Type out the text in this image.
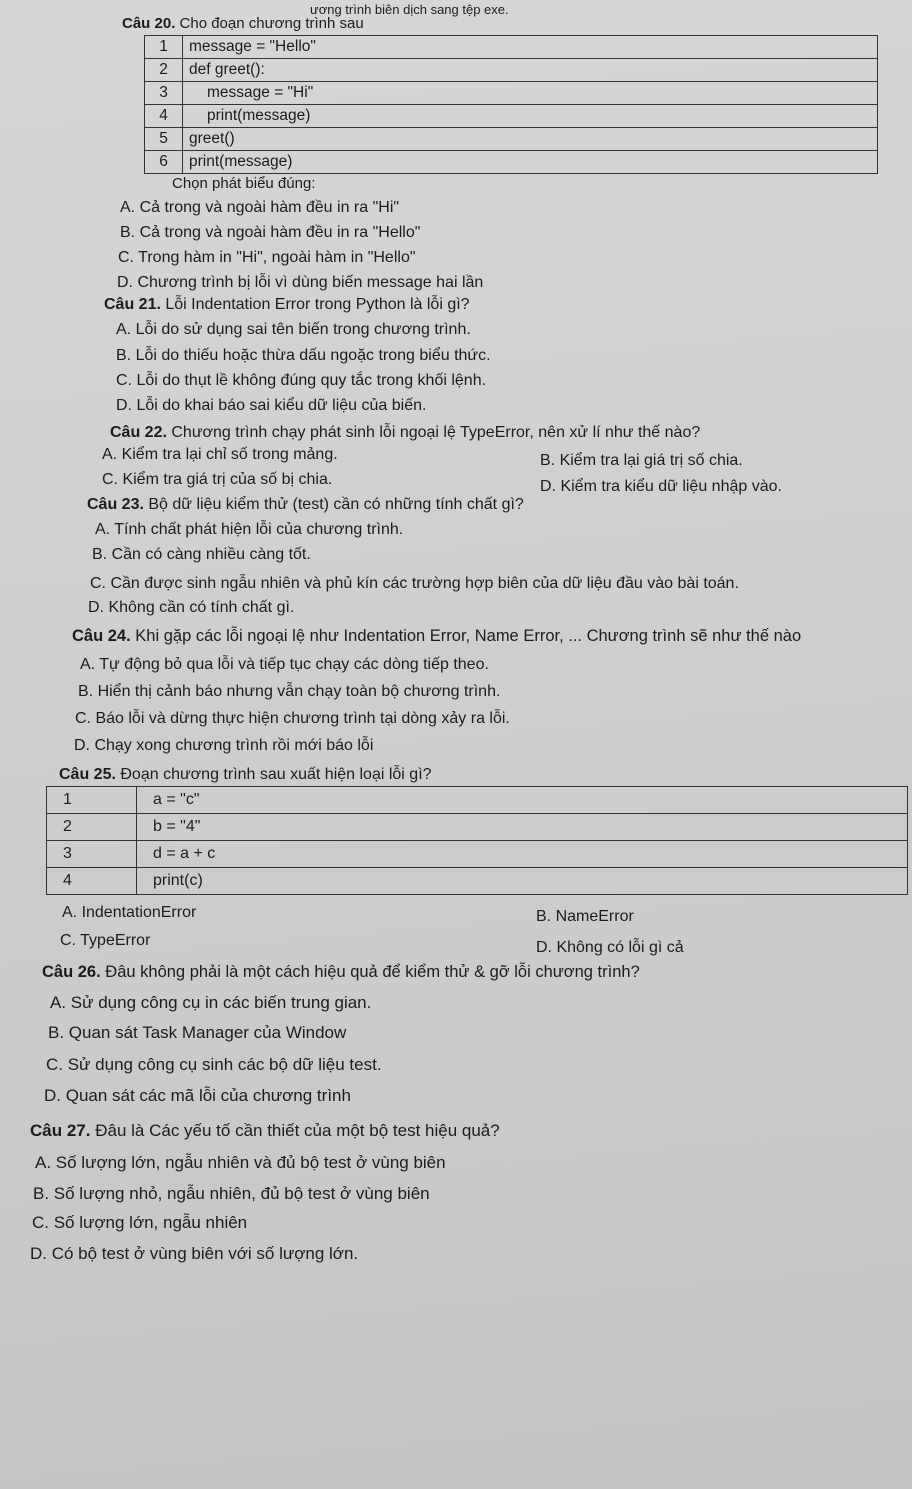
ương trình biên dịch sang tệp exe.
Câu 20. Cho đoạn chương trình sau
1	message = "Hello"
2	def greet():
3	message = "Hi"
4	print(message)
5	greet()
6	print(message)
Chọn phát biểu đúng:
A. Cả trong và ngoài hàm đều in ra "Hi"
B. Cả trong và ngoài hàm đều in ra "Hello"
C. Trong hàm in "Hi", ngoài hàm in "Hello"
D. Chương trình bị lỗi vì dùng biến message hai lần
Câu 21. Lỗi Indentation Error trong Python là lỗi gì?
A. Lỗi do sử dụng sai tên biến trong chương trình.
B. Lỗi do thiếu hoặc thừa dấu ngoặc trong biểu thức.
C. Lỗi do thụt lề không đúng quy tắc trong khối lệnh.
D. Lỗi do khai báo sai kiểu dữ liệu của biến.
Câu 22. Chương trình chạy phát sinh lỗi ngoại lệ TypeError, nên xử lí như thế nào?
A. Kiểm tra lại chỉ số trong mảng.	B. Kiểm tra lại giá trị số chia.
C. Kiểm tra giá trị của số bị chia.	D. Kiểm tra kiểu dữ liệu nhập vào.
Câu 23. Bộ dữ liệu kiểm thử (test) cần có những tính chất gì?
A. Tính chất phát hiện lỗi của chương trình.
B. Cần có càng nhiều càng tốt.
C. Cần được sinh ngẫu nhiên và phủ kín các trường hợp biên của dữ liệu đầu vào bài toán.
D. Không cần có tính chất gì.
Câu 24. Khi gặp các lỗi ngoại lệ như Indentation Error, Name Error, ... Chương trình sẽ như thế nào
A. Tự động bỏ qua lỗi và tiếp tục chạy các dòng tiếp theo.
B. Hiển thị cảnh báo nhưng vẫn chạy toàn bộ chương trình.
C. Báo lỗi và dừng thực hiện chương trình tại dòng xảy ra lỗi.
D. Chạy xong chương trình rồi mới báo lỗi
Câu 25. Đoạn chương trình sau xuất hiện loại lỗi gì?
1	a = "c"
2	b = "4"
3	d = a + c
4	print(c)
A. IndentationError	B. NameError
C. TypeError	D. Không có lỗi gì cả
Câu 26. Đâu không phải là một cách hiệu quả để kiểm thử & gỡ lỗi chương trình?
A. Sử dụng công cụ in các biến trung gian.
B. Quan sát Task Manager của Window
C. Sử dụng công cụ sinh các bộ dữ liệu test.
D. Quan sát các mã lỗi của chương trình
Câu 27. Đâu là Các yếu tố cần thiết của một bộ test hiệu quả?
A. Số lượng lớn, ngẫu nhiên và đủ bộ test ở vùng biên
B. Số lượng nhỏ, ngẫu nhiên, đủ bộ test ở vùng biên
C. Số lượng lớn, ngẫu nhiên
D. Có bộ test ở vùng biên với số lượng lớn.
